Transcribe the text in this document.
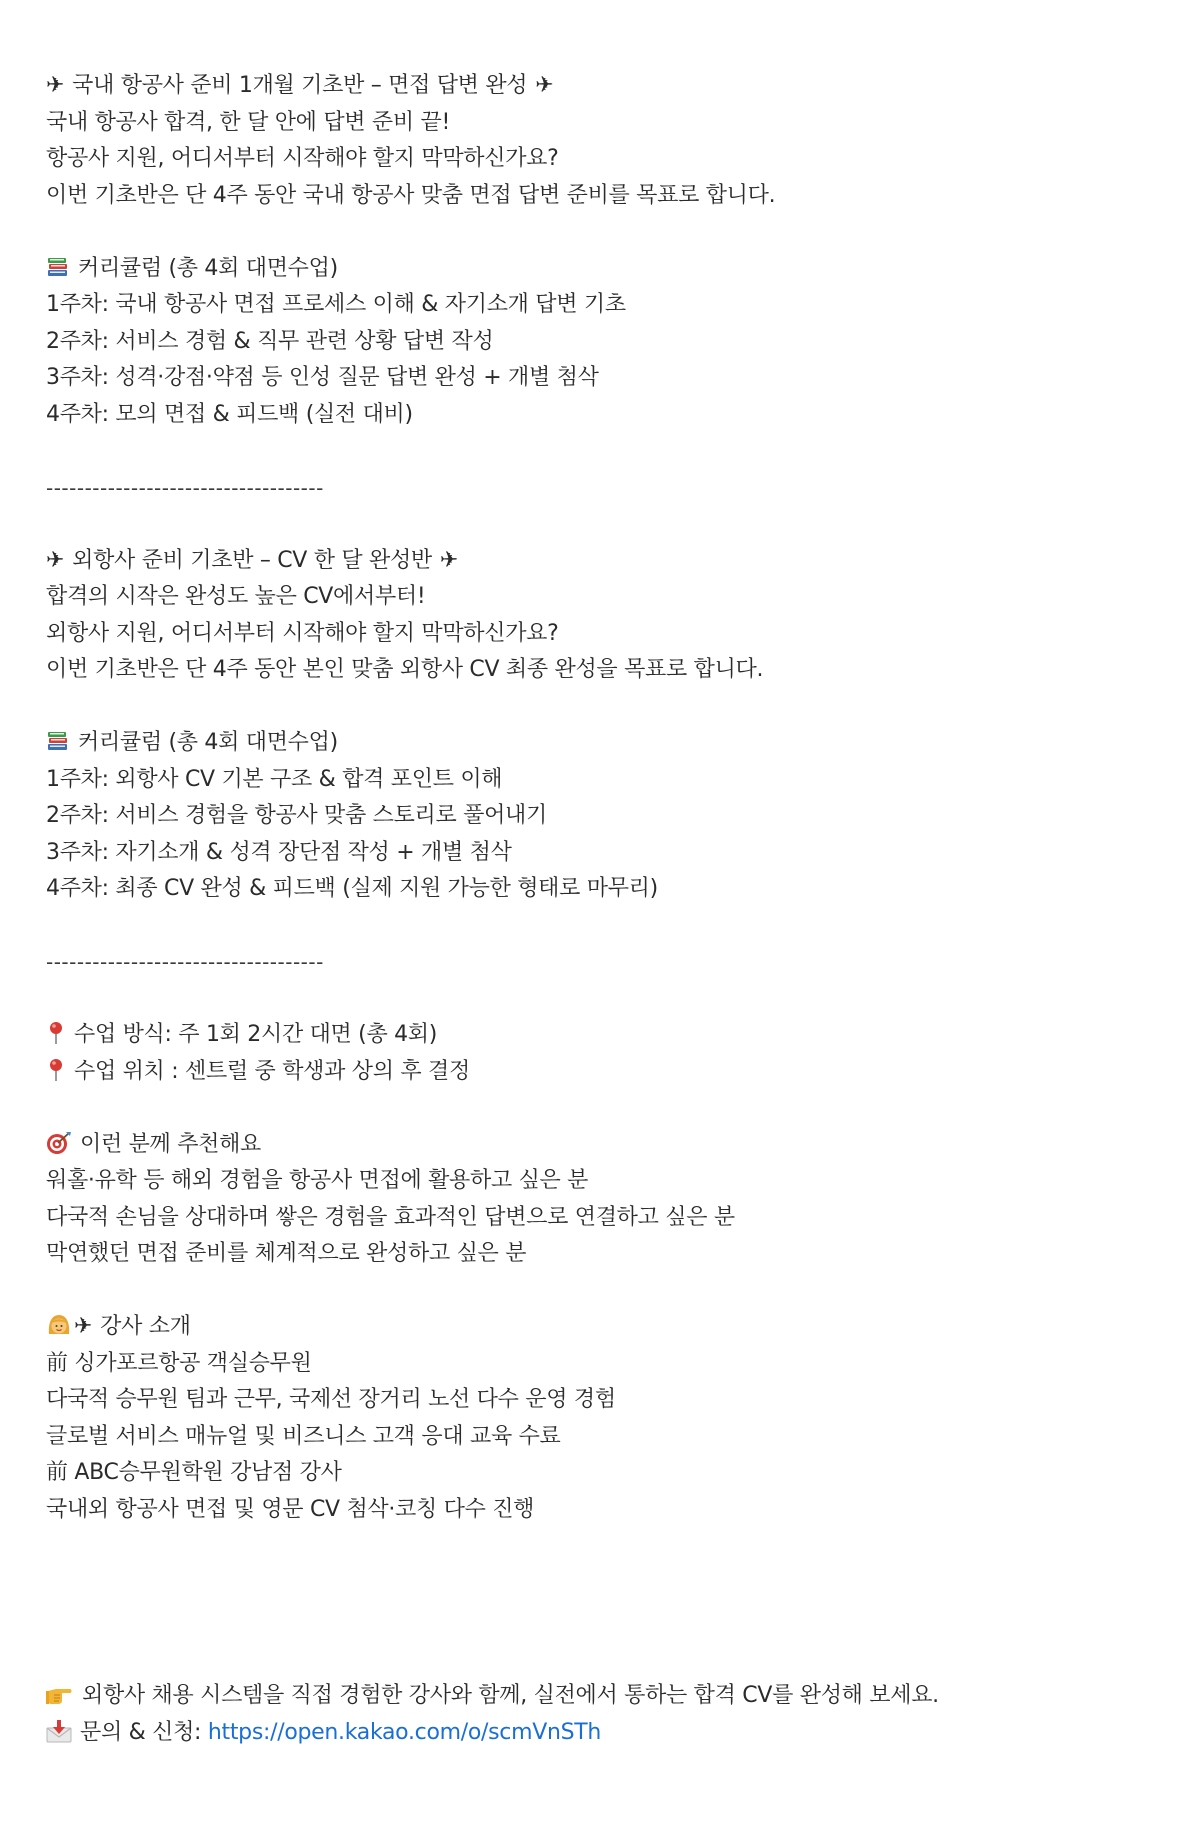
✈ 국내 항공사 준비 1개월 기초반 – 면접 답변 완성 ✈
국내 항공사 합격, 한 달 안에 답변 준비 끝!
항공사 지원, 어디서부터 시작해야 할지 막막하신가요?
이번 기초반은 단 4주 동안 국내 항공사 맞춤 면접 답변 준비를 목표로 합니다.
커리큘럼 (총 4회 대면수업)
1주차: 국내 항공사 면접 프로세스 이해 & 자기소개 답변 기초
2주차: 서비스 경험 & 직무 관련 상황 답변 작성
3주차: 성격·강점·약점 등 인성 질문 답변 완성 + 개별 첨삭
4주차: 모의 면접 & 피드백 (실전 대비)
------------------------------------
✈ 외항사 준비 기초반 – CV 한 달 완성반 ✈
합격의 시작은 완성도 높은 CV에서부터!
외항사 지원, 어디서부터 시작해야 할지 막막하신가요?
이번 기초반은 단 4주 동안 본인 맞춤 외항사 CV 최종 완성을 목표로 합니다.
커리큘럼 (총 4회 대면수업)
1주차: 외항사 CV 기본 구조 & 합격 포인트 이해
2주차: 서비스 경험을 항공사 맞춤 스토리로 풀어내기
3주차: 자기소개 & 성격 장단점 작성 + 개별 첨삭
4주차: 최종 CV 완성 & 피드백 (실제 지원 가능한 형태로 마무리)
------------------------------------
수업 방식: 주 1회 2시간 대면 (총 4회)
수업 위치 : 센트럴 중 학생과 상의 후 결정
이런 분께 추천해요
워홀·유학 등 해외 경험을 항공사 면접에 활용하고 싶은 분
다국적 손님을 상대하며 쌓은 경험을 효과적인 답변으로 연결하고 싶은 분
막연했던 면접 준비를 체계적으로 완성하고 싶은 분
✈ 강사 소개
前 싱가포르항공 객실승무원
다국적 승무원 팀과 근무, 국제선 장거리 노선 다수 운영 경험
글로벌 서비스 매뉴얼 및 비즈니스 고객 응대 교육 수료
前 ABC승무원학원 강남점 강사
국내외 항공사 면접 및 영문 CV 첨삭·코칭 다수 진행
외항사 채용 시스템을 직접 경험한 강사와 함께, 실전에서 통하는 합격 CV를 완성해 보세요.
문의 & 신청: https://open.kakao.com/o/scmVnSTh
